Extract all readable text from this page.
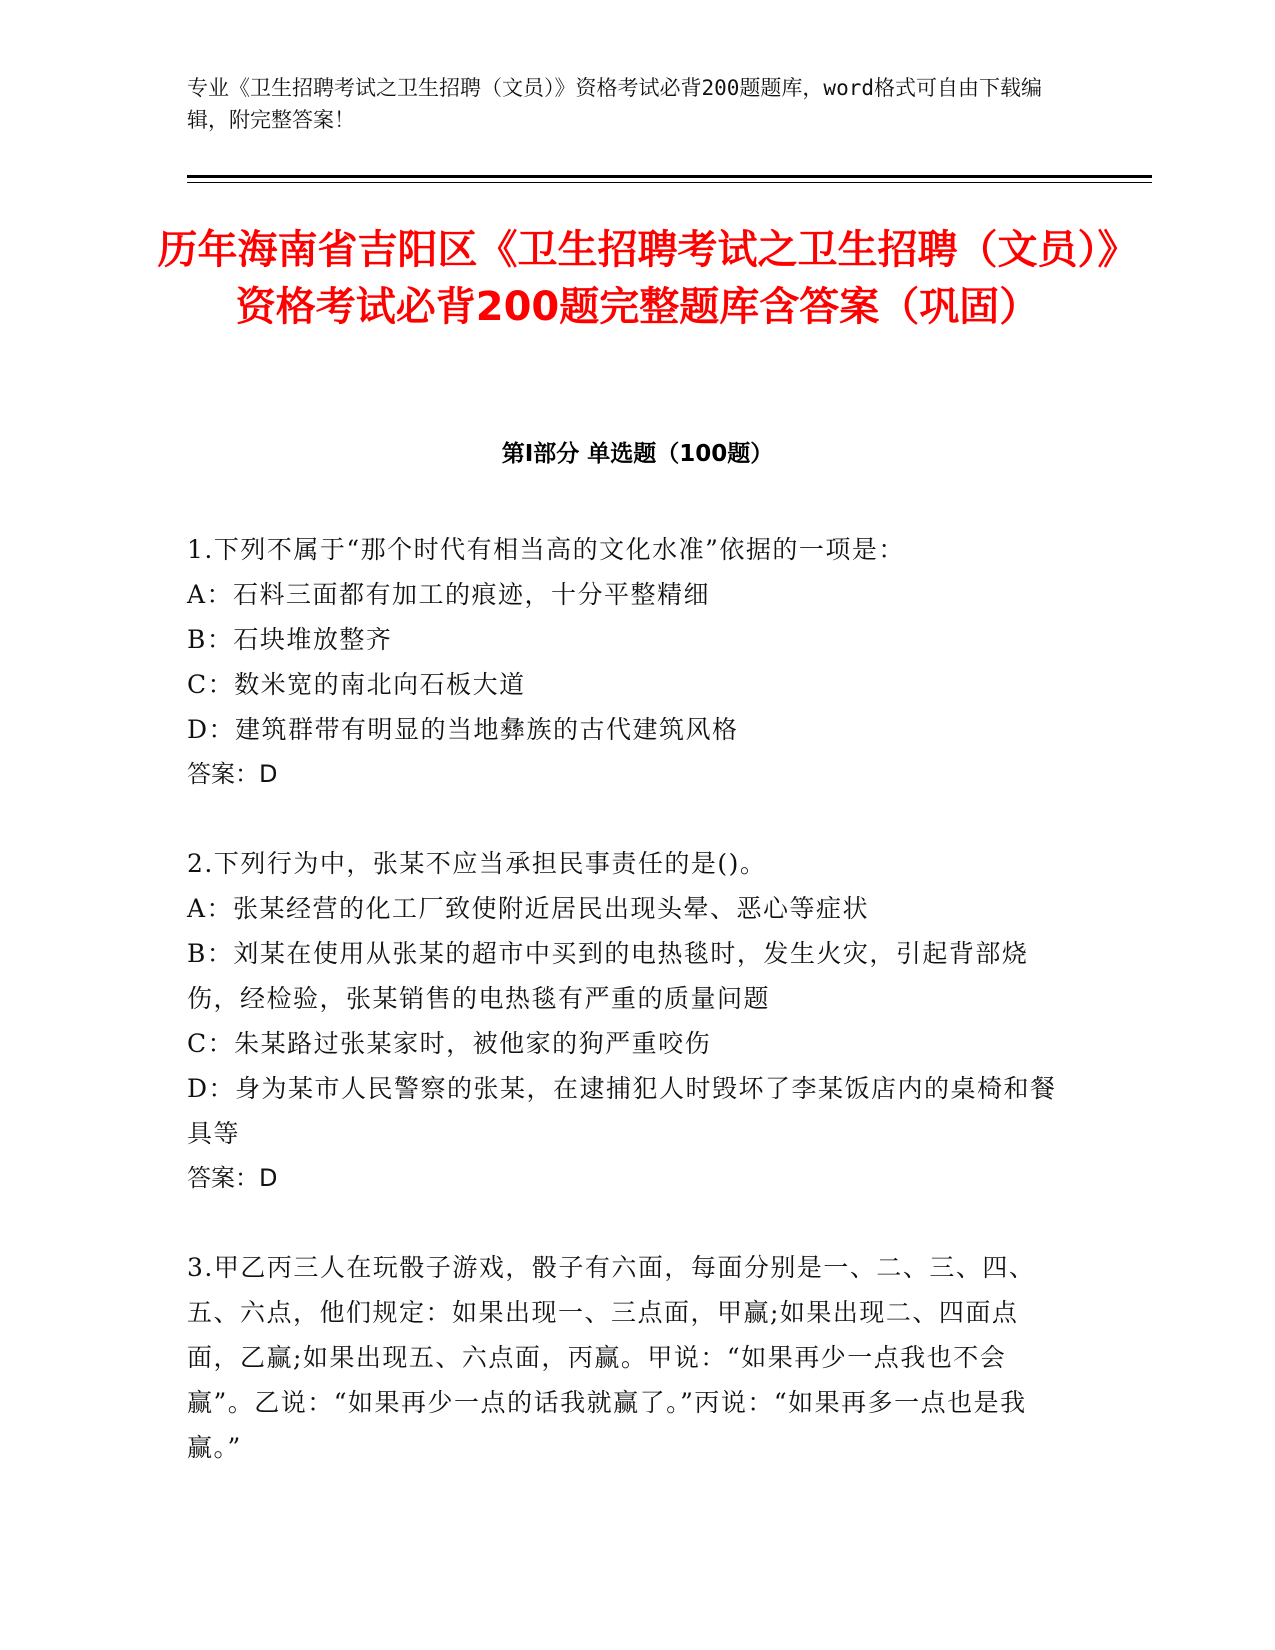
专业《卫生招聘考试之卫生招聘（文员）》资格考试必背200题题库，word格式可自由下载编辑，附完整答案！
历年海南省吉阳区《卫生招聘考试之卫生招聘（文员）》资格考试必背200题完整题库含答案（巩固）
第Ⅰ部分 单选题（100题）
1.下列不属于“那个时代有相当高的文化水准”依据的一项是：
A：石料三面都有加工的痕迹，十分平整精细
B：石块堆放整齐
C：数米宽的南北向石板大道
D：建筑群带有明显的当地彝族的古代建筑风格
答案：D
2.下列行为中，张某不应当承担民事责任的是()。
A：张某经营的化工厂致使附近居民出现头晕、恶心等症状
B：刘某在使用从张某的超市中买到的电热毯时，发生火灾，引起背部烧伤，经检验，张某销售的电热毯有严重的质量问题
C：朱某路过张某家时，被他家的狗严重咬伤
D：身为某市人民警察的张某，在逮捕犯人时毁坏了李某饭店内的桌椅和餐具等
答案：D
3.甲乙丙三人在玩骰子游戏，骰子有六面，每面分别是一、二、三、四、五、六点，他们规定：如果出现一、三点面，甲赢;如果出现二、四面点面，乙赢;如果出现五、六点面，丙赢。甲说：“如果再少一点我也不会赢”。乙说：“如果再少一点的话我就赢了。”丙说：“如果再多一点也是我赢。”
